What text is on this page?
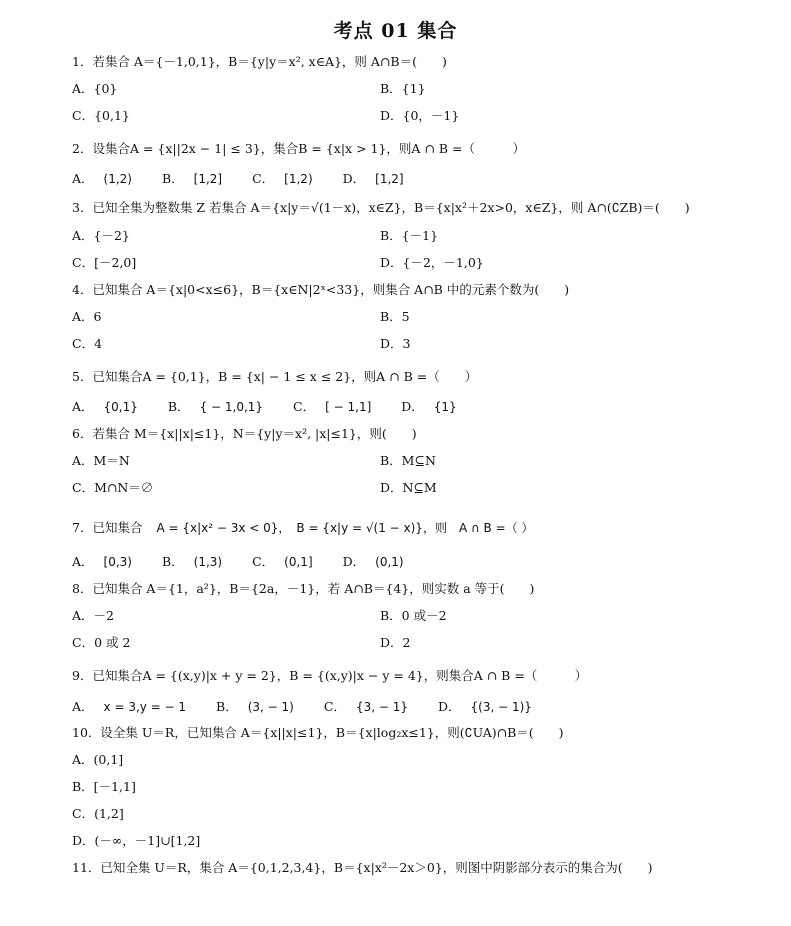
考点 01 集合
1．若集合 A＝{－1,0,1}，B＝{y|y＝x², x∈A}，则 A∩B＝(　　)
A．{0}	B．{1}
C．{0,1}	D．{0，－1}
2．设集合A = {x||2x − 1| ≤ 3}，集合B = {x|x > 1}，则A ∩ B =（　　　）
A． (1,2) B． [1,2] C． [1,2) D． [1,2]
3．已知全集为整数集 Z 若集合 A＝{x|y＝√(1－x)，x∈Z}，B＝{x|x²＋2x>0，x∈Z}，则 A∩(∁ZB)＝(　　)
A．{－2}	B．{－1}
C．[－2,0]	D．{－2，－1,0}
4．已知集合 A＝{x|0<x≤6}，B＝{x∈N|2ˣ<33}，则集合 A∩B 中的元素个数为(　　)
A．6	B．5
C．4	D．3
5．已知集合A = {0,1}，B = {x| − 1 ≤ x ≤ 2}，则A ∩ B =（　　）
A． {0,1} B． { − 1,0,1} C． [ − 1,1] D． {1}
6．若集合 M＝{x||x|≤1}，N＝{y|y＝x², |x|≤1}，则(　　)
A．M＝N	B．M⊆N
C．M∩N＝∅	D．N⊆M
7．已知集合 A = {x|x² − 3x < 0}，　B = {x|y = √(1 − x)}，则　A ∩ B =（ ）
A． [0,3) B． (1,3) C． (0,1] D． (0,1)
8．已知集合 A＝{1，a²}，B＝{2a，－1}，若 A∩B＝{4}，则实数 a 等于(　　)
A．－2	B．0 或－2
C．0 或 2	D．2
9．已知集合A = {(x,y)|x + y = 2}，B = {(x,y)|x − y = 4}，则集合A ∩ B =（　　　）
A． x = 3,y = − 1 B． (3, − 1) C． {3, − 1} D． {(3, − 1)}
10．设全集 U＝R，已知集合 A＝{x||x|≤1}，B＝{x|log₂x≤1}，则(∁UA)∩B＝(　　)
A．(0,1]
B．[－1,1]
C．(1,2]
D．(－∞，－1]∪[1,2]
11．已知全集 U＝R，集合 A＝{0,1,2,3,4}，B＝{x|x²－2x＞0}，则图中阴影部分表示的集合为(　　)
